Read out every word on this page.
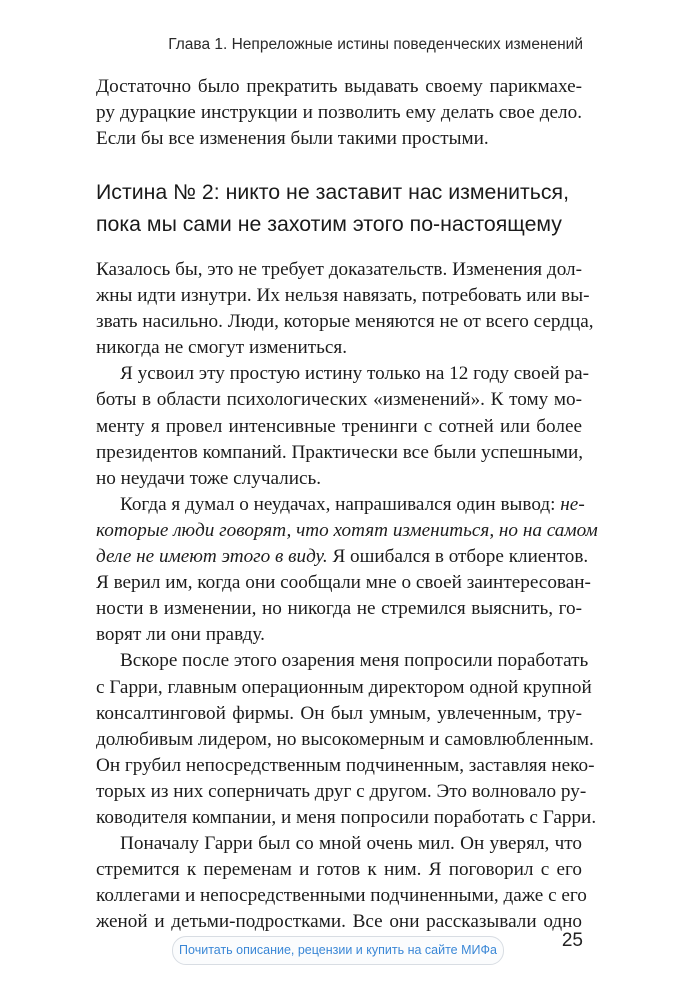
Глава 1. Непреложные истины поведенческих изменений
Достаточно было прекратить выдавать своему парикмахе-
ру дурацкие инструкции и позволить ему делать свое дело.
Если бы все изменения были такими простыми.
Истина № 2: никто не заставит нас измениться,
пока мы сами не захотим этого по-настоящему
Казалось бы, это не требует доказательств. Изменения дол-
жны идти изнутри. Их нельзя навязать, потребовать или вы-
звать насильно. Люди, которые меняются не от всего сердца,
никогда не смогут измениться.
Я усвоил эту простую истину только на 12 году своей ра-
боты в области психологических «изменений». К тому мо-
менту я провел интенсивные тренинги с сотней или более
президентов компаний. Практически все были успешными,
но неудачи тоже случались.
Когда я думал о неудачах, напрашивался один вывод: не-
которые люди говорят, что хотят измениться, но на самом
деле не имеют этого в виду. Я ошибался в отборе клиентов.
Я верил им, когда они сообщали мне о своей заинтересован-
ности в изменении, но никогда не стремился выяснить, го-
ворят ли они правду.
Вскоре после этого озарения меня попросили поработать
с Гарри, главным операционным директором одной крупной
консалтинговой фирмы. Он был умным, увлеченным, тру-
долюбивым лидером, но высокомерным и самовлюбленным.
Он грубил непосредственным подчиненным, заставляя неко-
торых из них соперничать друг с другом. Это волновало ру-
ководителя компании, и меня попросили поработать с Гарри.
Поначалу Гарри был со мной очень мил. Он уверял, что
стремится к переменам и готов к ним. Я поговорил с его
коллегами и непосредственными подчиненными, даже с его
женой и детьми-подростками. Все они рассказывали одно
Почитать описание, рецензии и купить на сайте МИФа	25
